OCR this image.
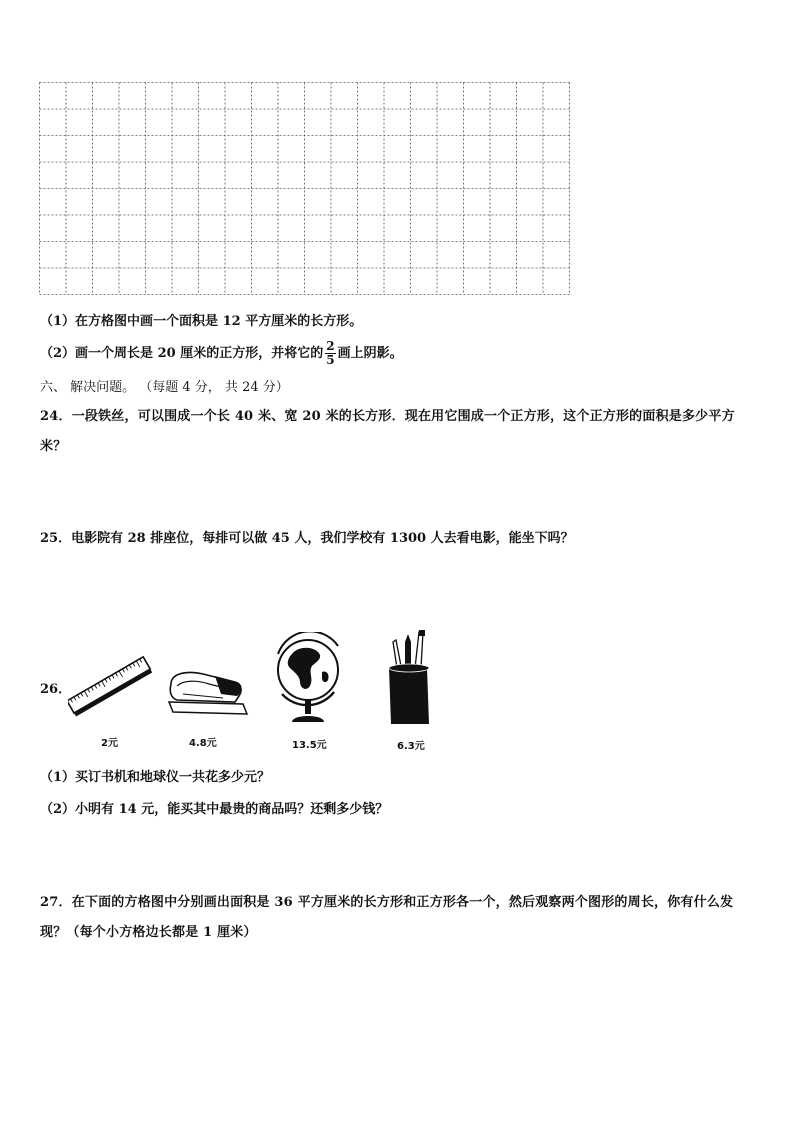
（1）在方格图中画一个面积是 12 平方厘米的长方形。
（2）画一个周长是 20 厘米的正方形，并将它的 $\frac{2}{5}$ 画上阴影。
六、 解决问题。 （每题 4 分， 共 24 分）
24．一段铁丝，可以围成一个长 40 米、宽 20 米的长方形．现在用它围成一个正方形，这个正方形的面积是多少平方米？
25．电影院有 28 排座位，每排可以做 45 人，我们学校有 1300 人去看电影，能坐下吗？
26．
2元	4.8元	13.5元	6.3元
（1）买订书机和地球仪一共花多少元？
（2）小明有 14 元，能买其中最贵的商品吗？还剩多少钱？
27．在下面的方格图中分别画出面积是 36 平方厘米的长方形和正方形各一个，然后观察两个图形的周长，你有什么发现？（每个小方格边长都是 1 厘米）
